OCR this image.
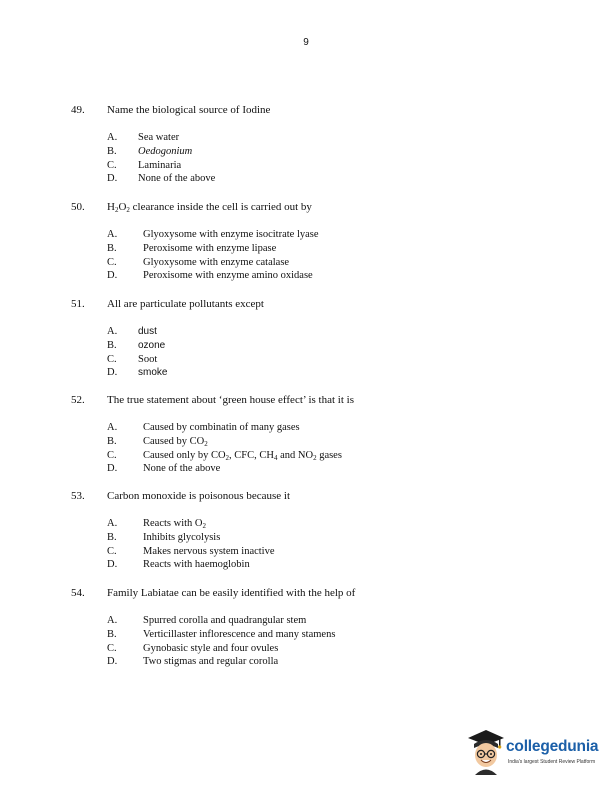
9
49. Name the biological source of Iodine
A. Sea water
B. Oedogonium
C. Laminaria
D. None of the above
50. $H_2O_2$ clearance inside the cell is carried out by
A. Glyoxysome with enzyme isocitrate lyase
B.	Peroxisome with enzyme lipase
C.	Glyoxysome with enzyme catalase
D. Peroxisome with enzyme amino oxidase
51. All are particulate pollutants except
A. dust
B. ozone
C. Soot
D. smoke
52. The true statement about ‘green house effect’ is that it is
A. Caused by combinatin of many gases
B.	Caused by $CO_2$
C.	Caused only by $CO_2$, CFC, $CH_4$ and $NO_2$ gases
D. None of the above
53. Carbon monoxide is poisonous because it
A. Reacts with $O_2$
B.	Inhibits glycolysis
C.	Makes nervous system inactive
D. Reacts with haemoglobin
54. Family Labiatae can be easily identified with the help of
A. Spurred corolla and quadrangular stem
B.	Verticillaster inflorescence and many stamens
C.	Gynobasic style and four ovules
D. Two stigmas and regular corolla
collegedunia
India's largest Student Review Platform
